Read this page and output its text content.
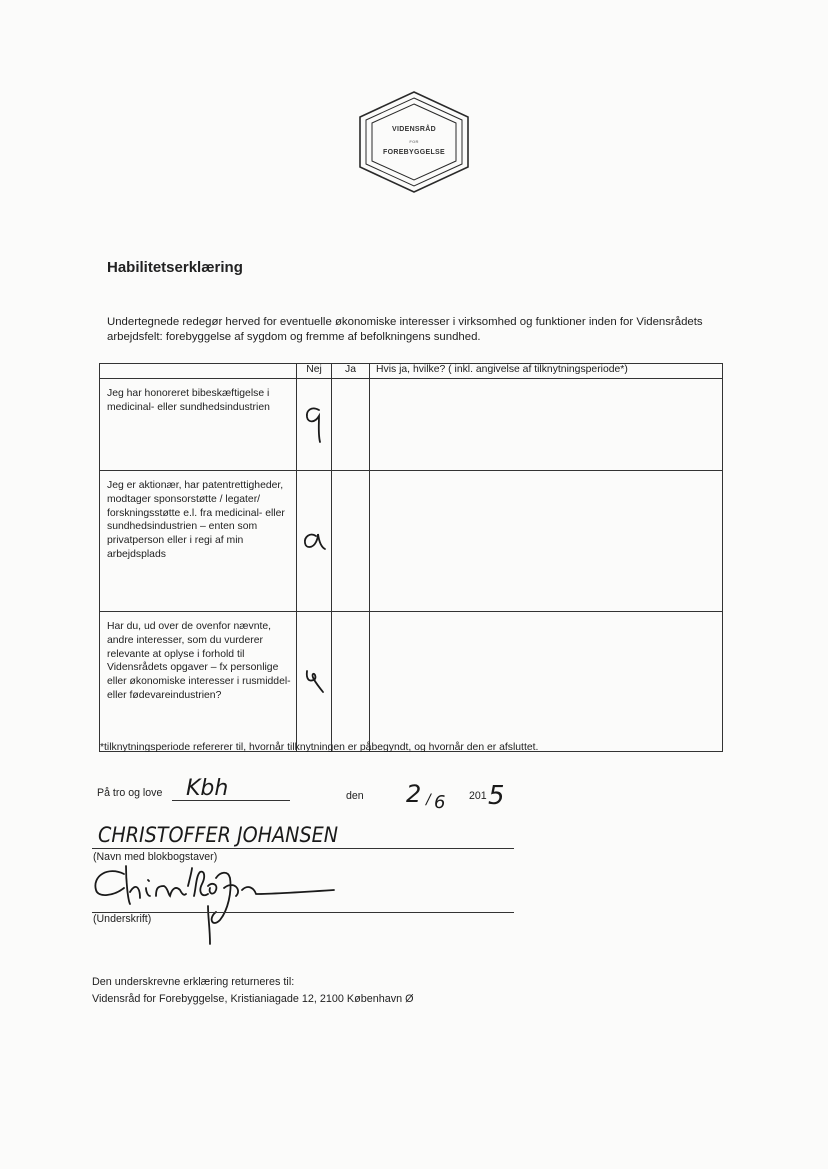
VIDENSRÅD
FOR
FOREBYGGELSE
Habilitetserklæring
Undertegnede redegør herved for eventuelle økonomiske interesser i virksomhed og funktioner inden for Vidensrådets arbejdsfelt: forebyggelse af sygdom og fremme af befolkningens sundhed.
	Nej	Ja	Hvis ja, hvilke? ( inkl. angivelse af tilknytningsperiode*)
Jeg har honoreret bibeskæftigelse i medicinal- eller sundhedsindustrien			
Jeg er aktionær, har patentrettigheder, modtager sponsorstøtte / legater/ forskningsstøtte e.l. fra medicinal- eller sundhedsindustrien – enten som privatperson eller i regi af min arbejdsplads			
Har du, ud over de ovenfor nævnte, andre interesser, som du vurderer relevante at oplyse i forhold til Vidensrådets opgaver – fx personlige eller økonomiske interesser i rusmiddel- eller fødevareindustrien?			
*tilknytningsperiode refererer til, hvornår tilknytningen er påbegyndt, og hvornår den er afsluttet.
På tro og love Kbh	den 2 / 6 201 5
CHRISTOFFER JOHANSEN
(Navn med blokbogstaver)
(Underskrift)
Den underskrevne erklæring returneres til:
Vidensråd for Forebyggelse, Kristianiagade 12, 2100 København Ø
